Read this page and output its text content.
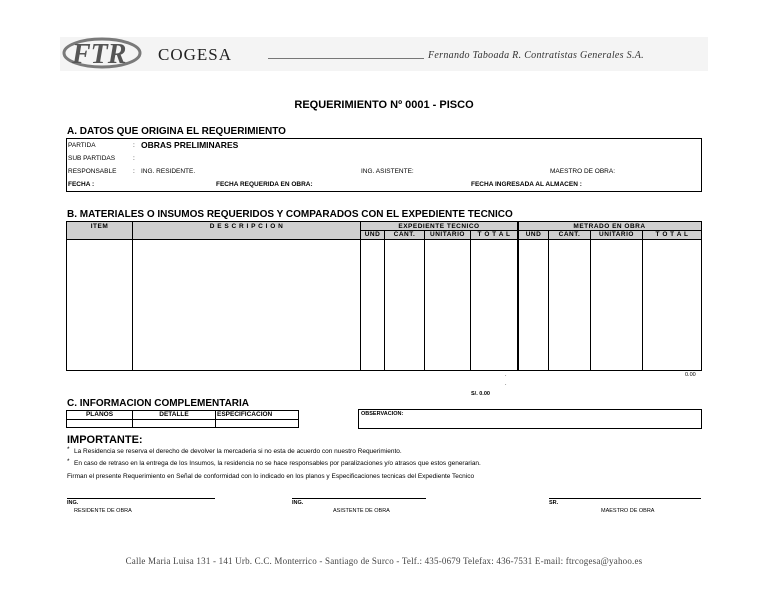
FTR COGESA	Fernando Taboada R. Contratistas Generales S.A.
REQUERIMIENTO Nº 0001 - PISCO
A. DATOS QUE ORIGINA EL REQUERIMIENTO
PARTIDA	: OBRAS PRELIMINARES
SUB PARTIDAS	:
RESPONSABLE	: ING. RESIDENTE.	ING. ASISTENTE:	MAESTRO DE OBRA:
FECHA :	FECHA REQUERIDA EN OBRA:	FECHA INGRESADA AL ALMACEN :
B. MATERIALES O INSUMOS REQUERIDOS Y COMPARADOS CON EL EXPEDIENTE TECNICO
ITEM	D E S C R I P C I O N	EXPEDIENTE TECNICO	METRADO EN OBRA
UND	CANT.	UNITARIO	T O T A L	UND	CANT.	UNITARIO	T O T A L
0.00
.
.
S/. 0.00
C. INFORMACION COMPLEMENTARIA
PLANOS	DETALLE	ESPECIFICACION	OBSERVACION:
IMPORTANTE:
* La Residencia se reserva el derecho de devolver la mercaderia si no esta de acuerdo con nuestro Requerimiento.
* En caso de retraso en la entrega de los Insumos, la residencia no se hace responsables por paralizaciones y/o atrasos que estos generarian.
Firman el presente Requerimiento en Señal de conformidad con lo indicado en los planos y Especificaciones tecnicas del Expediente Tecnico
ING.
RESIDENTE DE OBRA
ING.
ASISTENTE DE OBRA
SR.
MAESTRO DE OBRA
Calle Maria Luisa 131 - 141 Urb. C.C. Monterrico - Santiago de Surco - Telf.: 435-0679 Telefax: 436-7531 E-mail: ftrcogesa@yahoo.es
